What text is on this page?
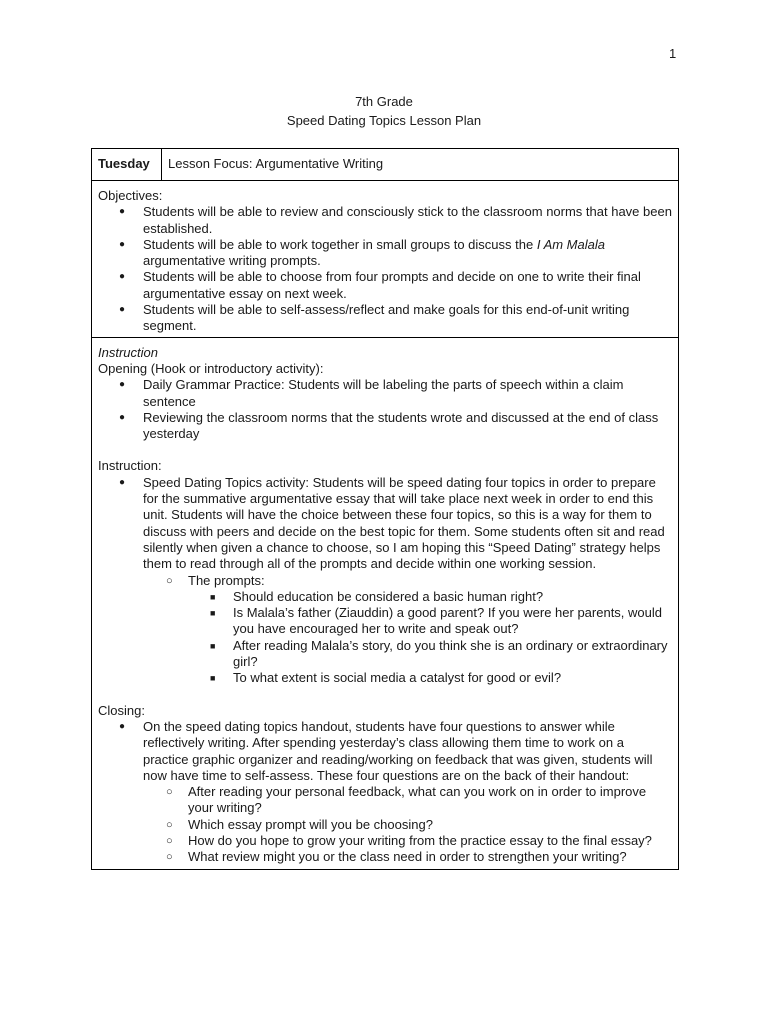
1
7th Grade
Speed Dating Topics Lesson Plan
Tuesday	Lesson Focus: Argumentative Writing

Objectives:
● Students will be able to review and consciously stick to the classroom norms that have been established.
● Students will be able to work together in small groups to discuss the I Am Malala argumentative writing prompts.
● Students will be able to choose from four prompts and decide on one to write their final argumentative essay on next week.
● Students will be able to self-assess/reflect and make goals for this end-of-unit writing segment.

Instruction
Opening (Hook or introductory activity):
● Daily Grammar Practice: Students will be labeling the parts of speech within a claim sentence
● Reviewing the classroom norms that the students wrote and discussed at the end of class yesterday
Instruction:
● Speed Dating Topics activity: Students will be speed dating four topics in order to prepare for the summative argumentative essay that will take place next week in order to end this unit. Students will have the choice between these four topics, so this is a way for them to discuss with peers and decide on the best topic for them. Some students often sit and read silently when given a chance to choose, so I am hoping this “Speed Dating” strategy helps them to read through all of the prompts and decide within one working session.
○ The prompts:
■ Should education be considered a basic human right?
■ Is Malala’s father (Ziauddin) a good parent? If you were her parents, would you have encouraged her to write and speak out?
■ After reading Malala’s story, do you think she is an ordinary or extraordinary girl?
■ To what extent is social media a catalyst for good or evil?
Closing:
● On the speed dating topics handout, students have four questions to answer while reflectively writing. After spending yesterday’s class allowing them time to work on a practice graphic organizer and reading/working on feedback that was given, students will now have time to self-assess. These four questions are on the back of their handout:
○ After reading your personal feedback, what can you work on in order to improve your writing?
○ Which essay prompt will you be choosing?
○ How do you hope to grow your writing from the practice essay to the final essay?
○ What review might you or the class need in order to strengthen your writing?
